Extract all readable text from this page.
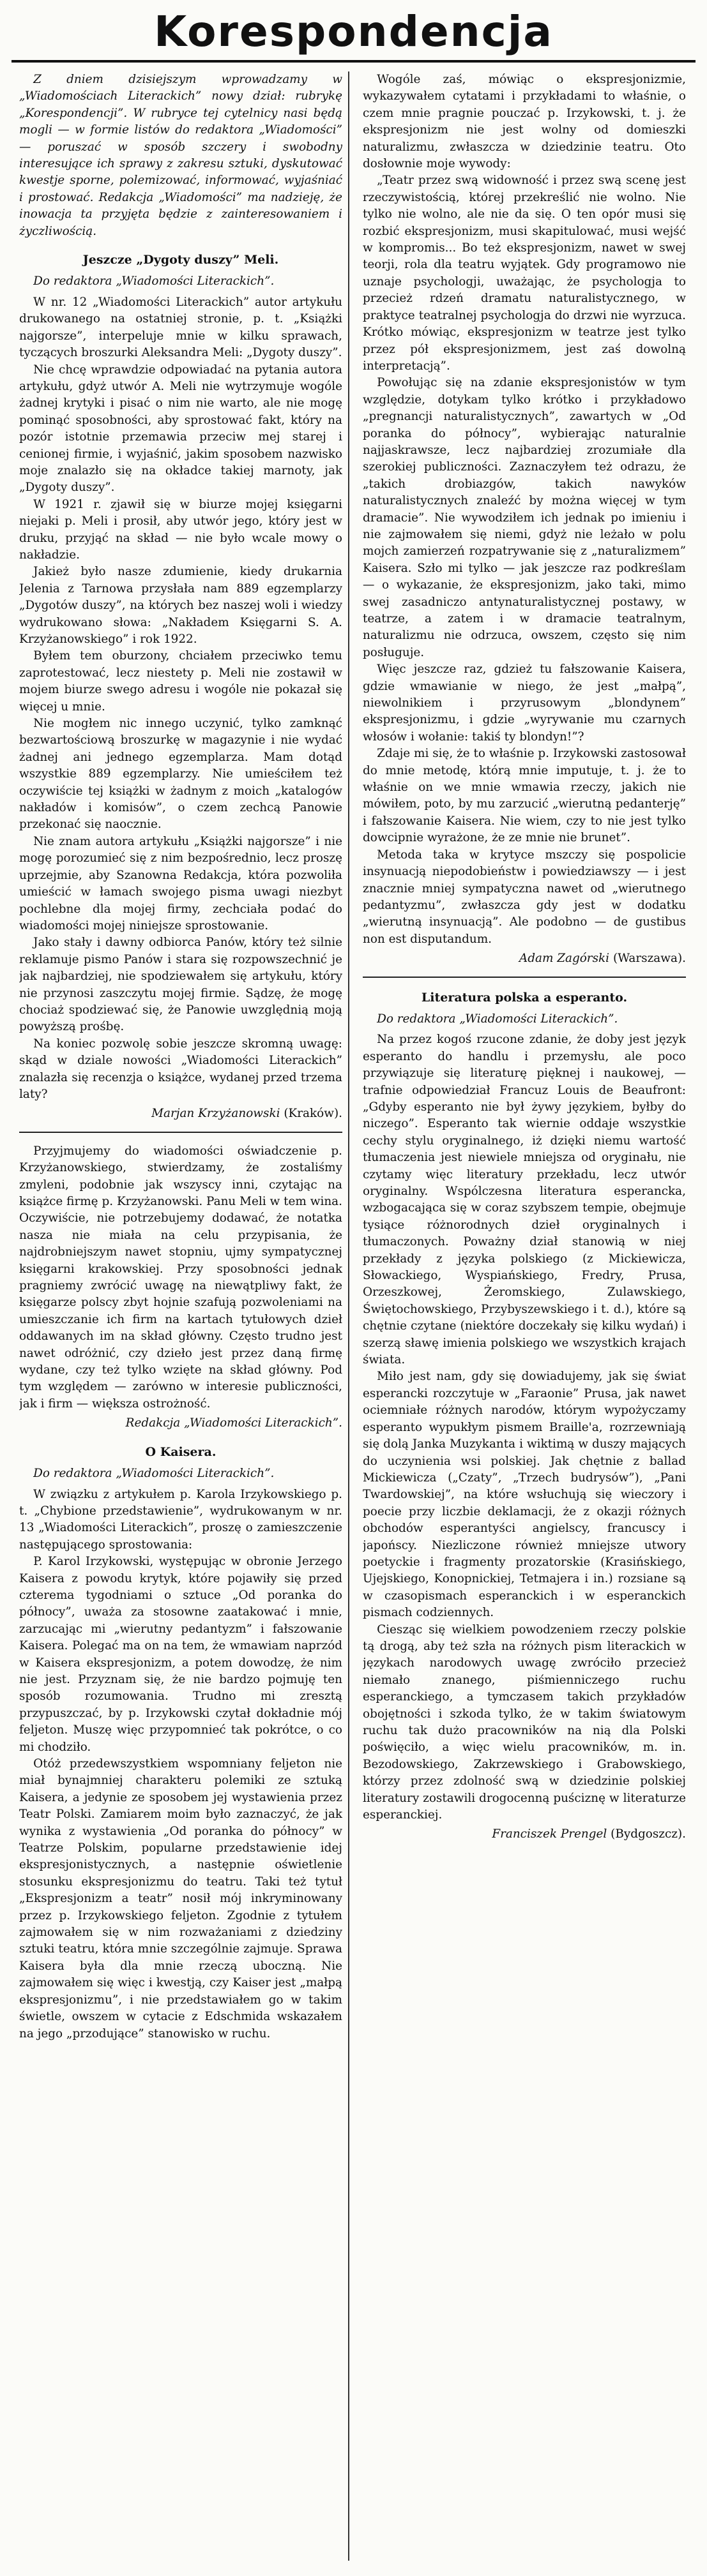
Korespondencja

Z dniem dzisiejszym wprowadzamy w „Wiadomościach Literackich” nowy dział: rubrykę „Korespondencji”. W rubryce tej cytelnicy nasi będą mogli — w formie listów do redaktora „Wiadomości” — poruszać w sposób szczery i swobodny interesujące ich sprawy z zakresu sztuki, dyskutować kwestje sporne, polemizować, informować, wyjaśniać i prostować. Redakcja „Wiadomości” ma nadzieję, że inowacja ta przyjęta będzie z zainteresowaniem i życzliwością.

Jeszcze „Dygoty duszy” Meli.
Do redaktora „Wiadomości Literackich”.

W nr. 12 „Wiadomości Literackich” autor artykułu drukowanego na ostatniej stronie, p. t. „Książki najgorsze”, interpeluje mnie w kilku sprawach, tyczących broszurki Aleksandra Meli: „Dygoty duszy”.

Nie chcę wprawdzie odpowiadać na pytania autora artykułu, gdyż utwór A. Meli nie wytrzymuje wogóle żadnej krytyki i pisać o nim nie warto, ale nie mogę pominąć sposobności, aby sprostować fakt, który na pozór istotnie przemawia przeciw mej starej i cenionej firmie, i wyjaśnić, jakim sposobem nazwisko moje znalazło się na okładce takiej marnoty, jak „Dygoty duszy”.

W 1921 r. zjawił się w biurze mojej księgarni niejaki p. Meli i prosił, aby utwór jego, który jest w druku, przyjąć na skład — nie było wcale mowy o nakładzie.

Jakież było nasze zdumienie, kiedy drukarnia Jelenia z Tarnowa przysłała nam 889 egzemplarzy „Dygotów duszy”, na których bez naszej woli i wiedzy wydrukowano słowa: „Nakładem Księgarni S. A. Krzyżanowskiego” i rok 1922.

Byłem tem oburzony, chciałem przeciwko temu zaprotestować, lecz niestety p. Meli nie zostawił w mojem biurze swego adresu i wogóle nie pokazał się więcej u mnie.

Nie mogłem nic innego uczynić, tylko zamknąć bezwartościową broszurkę w magazynie i nie wydać żadnej ani jednego egzemplarza. Mam dotąd wszystkie 889 egzemplarzy. Nie umieściłem też oczywiście tej książki w żadnym z moich „katalogów nakładów i komisów”, o czem zechcą Panowie przekonać się naocznie.

Nie znam autora artykułu „Książki najgorsze” i nie mogę porozumieć się z nim bezpośrednio, lecz proszę uprzejmie, aby Szanowna Redakcja, która pozwoliła umieścić w łamach swojego pisma uwagi niezbyt pochlebne dla mojej firmy, zechciała podać do wiadomości mojej niniejsze sprostowanie.

Jako stały i dawny odbiorca Panów, który też silnie reklamuje pismo Panów i stara się rozpowszechnić je jak najbardziej, nie spodziewałem się artykułu, który nie przynosi zaszczytu mojej firmie. Sądzę, że mogę chociaż spodziewać się, że Panowie uwzględnią moją powyższą prośbę.

Na koniec pozwolę sobie jeszcze skromną uwagę: skąd w dziale nowości „Wiadomości Literackich” znalazła się recenzja o książce, wydanej przed trzema laty?

Marjan Krzyżanowski (Kraków).

Przyjmujemy do wiadomości oświadczenie p. Krzyżanowskiego, stwierdzamy, że zostaliśmy zmyleni, podobnie jak wszyscy inni, czytając na książce firmę p. Krzyżanowski. Panu Meli w tem wina. Oczywiście, nie potrzebujemy dodawać, że notatka nasza nie miała na celu przypisania, że najdrobniejszym nawet stopniu, ujmy sympatycznej księgarni krakowskiej. Przy sposobności jednak pragniemy zwrócić uwagę na niewątpliwy fakt, że księgarze polscy zbyt hojnie szafują pozwoleniami na umieszczanie ich firm na kartach tytułowych dzieł oddawanych im na skład główny. Często trudno jest nawet odróżnić, czy dzieło jest przez daną firmę wydane, czy też tylko wzięte na skład główny. Pod tym względem — zarówno w interesie publiczności, jak i firm — większa ostrożność.

Redakcja „Wiadomości Literackich”.
O Kaisera.
Do redaktora „Wiadomości Literackich”.

W związku z artykułem p. Karola Irzykowskiego p. t. „Chybione przedstawienie”, wydrukowanym w nr. 13 „Wiadomości Literackich”, proszę o zamieszczenie następującego sprostowania:

P. Karol Irzykowski, występując w obronie Jerzego Kaisera z powodu krytyk, które pojawiły się przed czterema tygodniami o sztuce „Od poranka do północy”, uważa za stosowne zaatakować i mnie, zarzucając mi „wierutny pedantyzm” i fałszowanie Kaisera. Polegać ma on na tem, że wmawiam naprzód w Kaisera ekspresjonizm, a potem dowodzę, że nim nie jest. Przyznam się, że nie bardzo pojmuję ten sposób rozumowania. Trudno mi zresztą przypuszczać, by p. Irzykowski czytał dokładnie mój feljeton. Muszę więc przypomnieć tak pokrótce, o co mi chodziło.

Otóż przedewszystkiem wspomniany feljeton nie miał bynajmniej charakteru polemiki ze sztuką Kaisera, a jedynie ze sposobem jej wystawienia przez Teatr Polski. Zamiarem moim było zaznaczyć, że jak wynika z wystawienia „Od poranka do północy” w Teatrze Polskim, popularne przedstawienie idej ekspresjonistycznych, a następnie oświetlenie stosunku ekspresjonizmu do teatru. Taki też tytuł „Ekspresjonizm a teatr” nosił mój inkryminowany przez p. Irzykowskiego feljeton. Zgodnie z tytułem zajmowałem się w nim rozważaniami z dziedziny sztuki teatru, która mnie szczególnie zajmuje. Sprawa Kaisera była dla mnie rzeczą uboczną. Nie zajmowałem się więc i kwestją, czy Kaiser jest „małpą ekspresjonizmu”, i nie przedstawiałem go w takim świetle, owszem w cytacie z Edschmida wskazałem na jego „przodujące” stanowisko w ruchu.

Wogóle zaś, mówiąc o ekspresjonizmie, wykazywałem cytatami i przykładami to właśnie, o czem mnie pragnie pouczać p. Irzykowski, t. j. że ekspresjonizm nie jest wolny od domieszki naturalizmu, zwłaszcza w dziedzinie teatru. Oto dosłownie moje wywody:

„Teatr przez swą widowność i przez swą scenę jest rzeczywistością, której przekreślić nie wolno. Nie tylko nie wolno, ale nie da się. O ten opór musi się rozbić ekspresjonizm, musi skapitulować, musi wejść w kompromis... Bo też ekspresjonizm, nawet w swej teorji, rola dla teatru wyjątek. Gdy programowo nie uznaje psychologji, uważając, że psychologja to przecież rdzeń dramatu naturalistycznego, w praktyce teatralnej psychologja do drzwi nie wyrzuca. Krótko mówiąc, ekspresjonizm w teatrze jest tylko przez pół ekspresjonizmem, jest zaś dowolną interpretacją”.

Powołując się na zdanie ekspresjonistów w tym względzie, dotykam tylko krótko i przykładowo „pregnancji naturalistycznych”, zawartych w „Od poranka do północy”, wybierając naturalnie najjaskrawsze, lecz najbardziej zrozumiałe dla szerokiej publiczności. Zaznaczyłem też odrazu, że „takich drobiazgów, takich nawyków naturalistycznych znaleźć by można więcej w tym dramacie”. Nie wywodziłem ich jednak po imieniu i nie zajmowałem się niemi, gdyż nie leżało w polu mojch zamierzeń rozpatrywanie się z „naturalizmem” Kaisera. Szło mi tylko — jak jeszcze raz podkreślam — o wykazanie, że ekspresjonizm, jako taki, mimo swej zasadniczo antynaturalistycznej postawy, w teatrze, a zatem i w dramacie teatralnym, naturalizmu nie odrzuca, owszem, często się nim posługuje.

Więc jeszcze raz, gdzież tu fałszowanie Kaisera, gdzie wmawianie w niego, że jest „małpą”, niewolnikiem i przyrusowym „blondynem” ekspresjonizmu, i gdzie „wyrywanie mu czarnych włosów i wołanie: takiś ty blondyn!”?

Zdaje mi się, że to właśnie p. Irzykowski zastosował do mnie metodę, którą mnie imputuje, t. j. że to właśnie on we mnie wmawia rzeczy, jakich nie mówiłem, poto, by mu zarzucić „wierutną pedanterję” i fałszowanie Kaisera. Nie wiem, czy to nie jest tylko dowcipnie wyrażone, że ze mnie nie brunet”.

Metoda taka w krytyce mszczy się pospolicie insynuacją niepodobieństw i powiedziawszy — i jest znacznie mniej sympatyczna nawet od „wierutnego pedantyzmu”, zwłaszcza gdy jest w dodatku „wierutną insynuacją”. Ale podobno — de gustibus non est disputandum.

Adam Zagórski (Warszawa).
Literatura polska a esperanto.
Do redaktora „Wiadomości Literackich”.

Na przez kogoś rzucone zdanie, że doby jest język esperanto do handlu i przemysłu, ale poco przywiązuje się literaturę pięknej i naukowej, — trafnie odpowiedział Francuz Louis de Beaufront: „Gdyby esperanto nie był żywy językiem, byłby do niczego”. Esperanto tak wiernie oddaje wszystkie cechy stylu oryginalnego, iż dzięki niemu wartość tłumaczenia jest niewiele mniejsza od oryginału, nie czytamy więc literatury przekładu, lecz utwór oryginalny. Wspólczesna literatura esperancka, wzbogacająca się w coraz szybszem tempie, obejmuje tysiące różnorodnych dzieł oryginalnych i tłumaczonych. Poważny dział stanowią w niej przekłady z języka polskiego (z Mickiewicza, Słowackiego, Wyspiańskiego, Fredry, Prusa, Orzeszkowej, Żeromskiego, Zulawskiego, Świętochowskiego, Przybyszewskiego i t. d.), które są chętnie czytane (niektóre doczekały się kilku wydań) i szerzą sławę imienia polskiego we wszystkich krajach świata.

Miło jest nam, gdy się dowiadujemy, jak się świat esperancki rozczytuje w „Faraonie” Prusa, jak nawet ociemniałe różnych narodów, którym wypożyczamy esperanto wypukłym pismem Braille'a, rozrzewniają się dolą Janka Muzykanta i wiktimą w duszy mających do uczynienia wsi polskiej. Jak chętnie z ballad Mickiewicza („Czaty”, „Trzech budrysów”), „Pani Twardowskiej”, na które wsłuchują się wieczory i poecie przy liczbie deklamacji, że z okazji różnych obchodów esperantyści angielscy, francuscy i japońscy. Niezliczone również mniejsze utwory poetyckie i fragmenty prozatorskie (Krasińskiego, Ujejskiego, Konopnickiej, Tetmajera i in.) rozsiane są w czasopismach esperanckich i w esperanckich pismach codziennych.

Ciesząc się wielkiem powodzeniem rzeczy polskie tą drogą, aby też szła na różnych pism literackich w językach narodowych uwagę zwróciło przecież niemało znanego, piśmienniczego ruchu esperanckiego, a tymczasem takich przykładów obojętności i szkoda tylko, że w takim światowym ruchu tak dużo pracowników na nią dla Polski poświęciło, a więc wielu pracowników, m. in. Bezodowskiego, Zakrzewskiego i Grabowskiego, którzy przez zdolność swą w dziedzinie polskiej literatury zostawili drogocenną puściznę w literaturze esperanckiej.

Franciszek Prengel (Bydgoszcz).
